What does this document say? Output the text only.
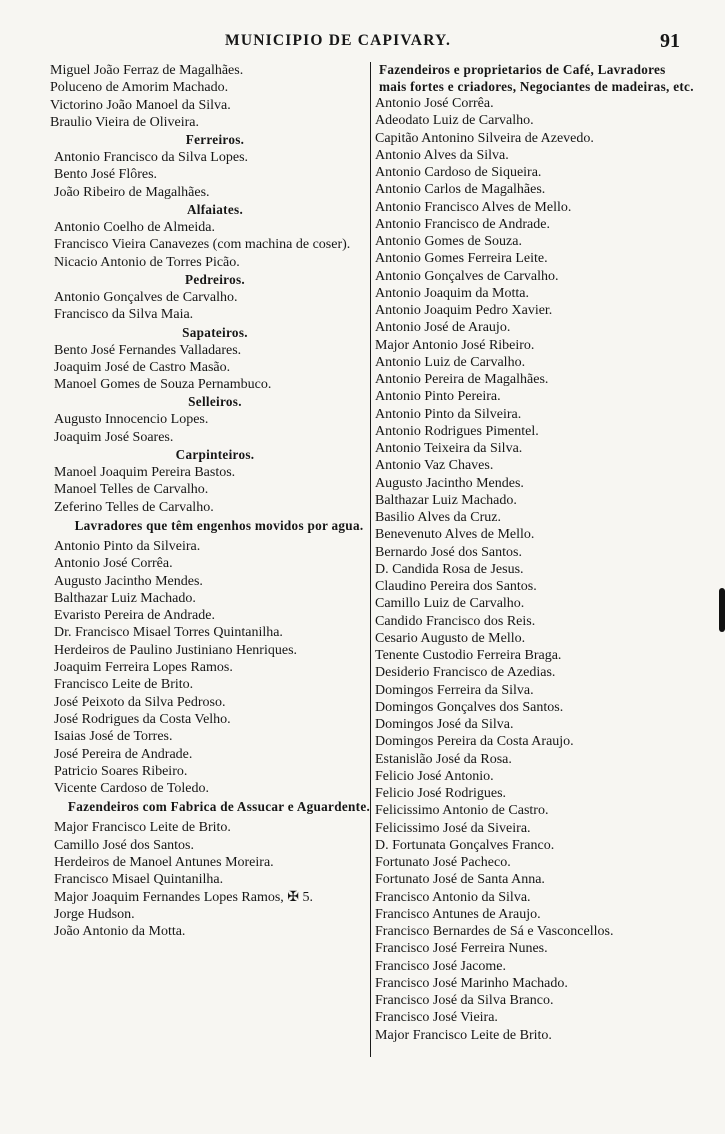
MUNICIPIO DE CAPIVARY.	91
Miguel João Ferraz de Magalhães.
Poluceno de Amorim Machado.
Victorino João Manoel da Silva.
Braulio Vieira de Oliveira.
Ferreiros.
Antonio Francisco da Silva Lopes.
Bento José Flôres.
João Ribeiro de Magalhães.
Alfaiates.
Antonio Coelho de Almeida.
Francisco Vieira Canavezes (com machina de coser).
Nicacio Antonio de Torres Picão.
Pedreiros.
Antonio Gonçalves de Carvalho.
Francisco da Silva Maia.
Sapateiros.
Bento José Fernandes Valladares.
Joaquim José de Castro Masão.
Manoel Gomes de Souza Pernambuco.
Selleiros.
Augusto Innocencio Lopes.
Joaquim José Soares.
Carpinteiros.
Manoel Joaquim Pereira Bastos.
Manoel Telles de Carvalho.
Zeferino Telles de Carvalho.
Lavradores que têm engenhos movidos por agua.
Antonio Pinto da Silveira.
Antonio José Corrêa.
Augusto Jacintho Mendes.
Balthazar Luiz Machado.
Evaristo Pereira de Andrade.
Dr. Francisco Misael Torres Quintanilha.
Herdeiros de Paulino Justiniano Henriques.
Joaquim Ferreira Lopes Ramos.
Francisco Leite de Brito.
José Peixoto da Silva Pedroso.
José Rodrigues da Costa Velho.
Isaias José de Torres.
José Pereira de Andrade.
Patricio Soares Ribeiro.
Vicente Cardoso de Toledo.
Fazendeiros com Fabrica de Assucar e Aguardente.
Major Francisco Leite de Brito.
Camillo José dos Santos.
Herdeiros de Manoel Antunes Moreira.
Francisco Misael Quintanilha.
Major Joaquim Fernandes Lopes Ramos, ✠ 5.
Jorge Hudson.
João Antonio da Motta.
Fazendeiros e proprietarios de Café, Lavradores mais fortes e criadores, Negociantes de madeiras, etc.
Antonio José Corrêa.
Adeodato Luiz de Carvalho.
Capitão Antonino Silveira de Azevedo.
Antonio Alves da Silva.
Antonio Cardoso de Siqueira.
Antonio Carlos de Magalhães.
Antonio Francisco Alves de Mello.
Antonio Francisco de Andrade.
Antonio Gomes de Souza.
Antonio Gomes Ferreira Leite.
Antonio Gonçalves de Carvalho.
Antonio Joaquim da Motta.
Antonio Joaquim Pedro Xavier.
Antonio José de Araujo.
Major Antonio José Ribeiro.
Antonio Luiz de Carvalho.
Antonio Pereira de Magalhães.
Antonio Pinto Pereira.
Antonio Pinto da Silveira.
Antonio Rodrigues Pimentel.
Antonio Teixeira da Silva.
Antonio Vaz Chaves.
Augusto Jacintho Mendes.
Balthazar Luiz Machado.
Basilio Alves da Cruz.
Benevenuto Alves de Mello.
Bernardo José dos Santos.
D. Candida Rosa de Jesus.
Claudino Pereira dos Santos.
Camillo Luiz de Carvalho.
Candido Francisco dos Reis.
Cesario Augusto de Mello.
Tenente Custodio Ferreira Braga.
Desiderio Francisco de Azedias.
Domingos Ferreira da Silva.
Domingos Gonçalves dos Santos.
Domingos José da Silva.
Domingos Pereira da Costa Araujo.
Estanislão José da Rosa.
Felicio José Antonio.
Felicio José Rodrigues.
Felicissimo Antonio de Castro.
Felicissimo José da Siveira.
D. Fortunata Gonçalves Franco.
Fortunato José Pacheco.
Fortunato José de Santa Anna.
Francisco Antonio da Silva.
Francisco Antunes de Araujo.
Francisco Bernardes de Sá e Vasconcellos.
Francisco José Ferreira Nunes.
Francisco José Jacome.
Francisco José Marinho Machado.
Francisco José da Silva Branco.
Francisco José Vieira.
Major Francisco Leite de Brito.
